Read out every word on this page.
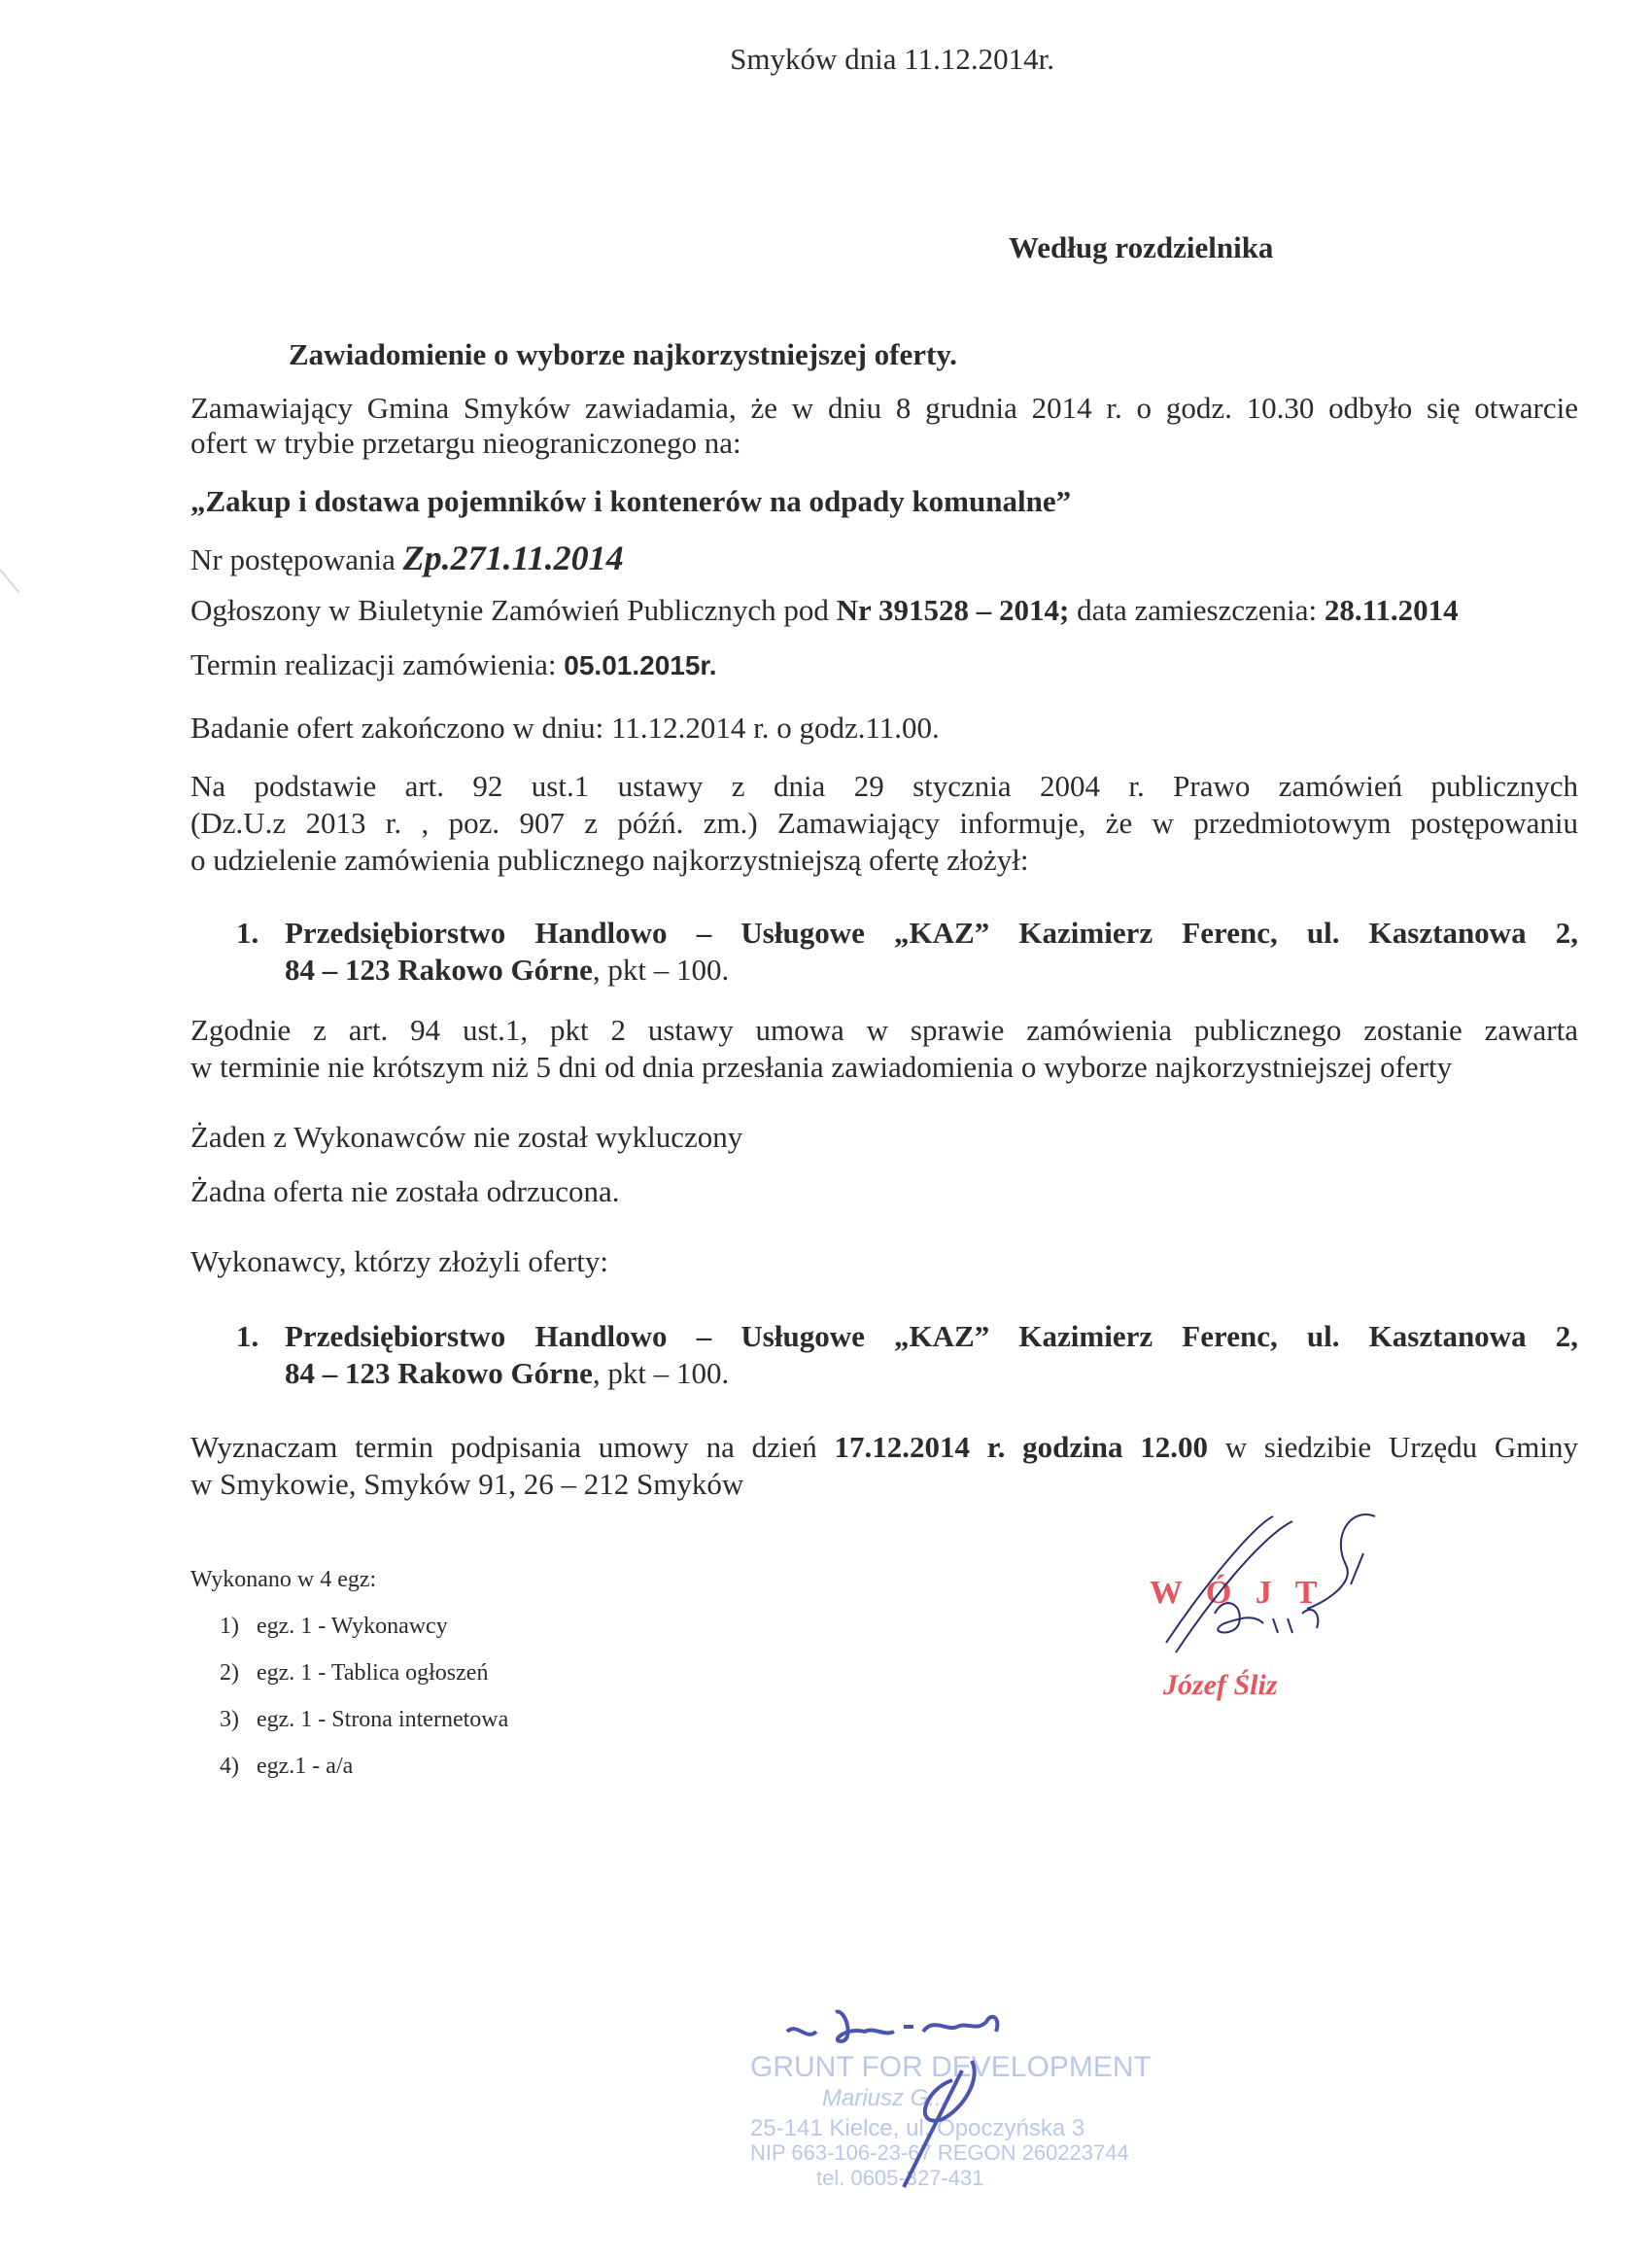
Smyków dnia 11.12.2014r.
Według rozdzielnika
Zawiadomienie o wyborze najkorzystniejszej oferty.
Zamawiający Gmina Smyków zawiadamia, że w dniu 8 grudnia 2014 r. o godz. 10.30 odbyło się otwarcie
ofert w trybie przetargu nieograniczonego na:
„Zakup i dostawa pojemników i kontenerów na odpady komunalne”
Nr postępowania Zp.271.11.2014
Ogłoszony w Biuletynie Zamówień Publicznych pod Nr 391528 – 2014; data zamieszczenia: 28.11.2014
Termin realizacji zamówienia: 05.01.2015r.
Badanie ofert zakończono w dniu: 11.12.2014 r. o godz.11.00.
Na podstawie art. 92 ust.1 ustawy z dnia 29 stycznia 2004 r. Prawo zamówień publicznych
(Dz.U.z 2013 r. , poz. 907 z późń. zm.) Zamawiający informuje, że w przedmiotowym postępowaniu
o udzielenie zamówienia publicznego najkorzystniejszą ofertę złożył:
1. Przedsiębiorstwo Handlowo – Usługowe „KAZ” Kazimierz Ferenc, ul. Kasztanowa 2,
84 – 123 Rakowo Górne, pkt – 100.
Zgodnie z art. 94 ust.1, pkt 2 ustawy umowa w sprawie zamówienia publicznego zostanie zawarta
w terminie nie krótszym niż 5 dni od dnia przesłania zawiadomienia o wyborze najkorzystniejszej oferty
Żaden z Wykonawców nie został wykluczony
Żadna oferta nie została odrzucona.
Wykonawcy, którzy złożyli oferty:
1. Przedsiębiorstwo Handlowo – Usługowe „KAZ” Kazimierz Ferenc, ul. Kasztanowa 2,
84 – 123 Rakowo Górne, pkt – 100.
Wyznaczam termin podpisania umowy na dzień 17.12.2014 r. godzina 12.00 w siedzibie Urzędu Gminy
w Smykowie, Smyków 91, 26 – 212 Smyków
Wykonano w 4 egz:
1) egz. 1 - Wykonawcy
2) egz. 1 - Tablica ogłoszeń
3) egz. 1 - Strona internetowa
4) egz.1 - a/a
W Ó J T
Józef Śliz
GRUNT FOR DEVELOPMENT
Mariusz G...
25-141 Kielce, ul. Opoczyńska 3
NIP 663-106-23-67 REGON 260223744
tel. 0605-327-431
